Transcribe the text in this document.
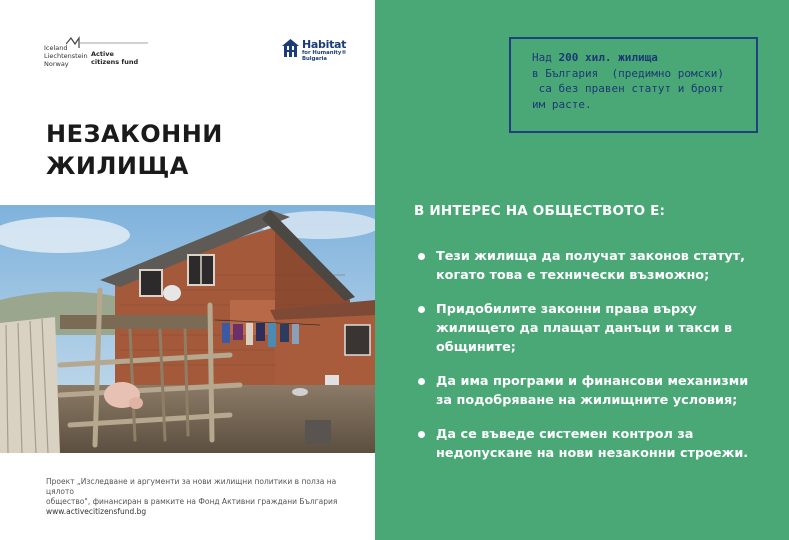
Iceland
Liechtenstein
Norway
Active
citizens fund
Habitat
for Humanity®
Bulgaria
НЕЗАКОННИ
ЖИЛИЩА
Проект „Изследване и аргументи за нови жилищни политики в полза на цялото
общество", финансиран в рамките на Фонд Активни граждани България
www.activecitizensfund.bg
Над 200 хил. жилища
в България  (предимно ромски)
са без правен статут и броят
им расте.
В ИНТЕРЕС НА ОБЩЕСТВОТО Е:
Тези жилища да получат законов статут,
когато това е технически възможно;
Придобилите законни права върху
жилището да плащат данъци и такси в
общините;
Да има програми и финансови механизми
за подобряване на жилищните условия;
Да се въведе системен контрол за
недопускане на нови незаконни строежи.
